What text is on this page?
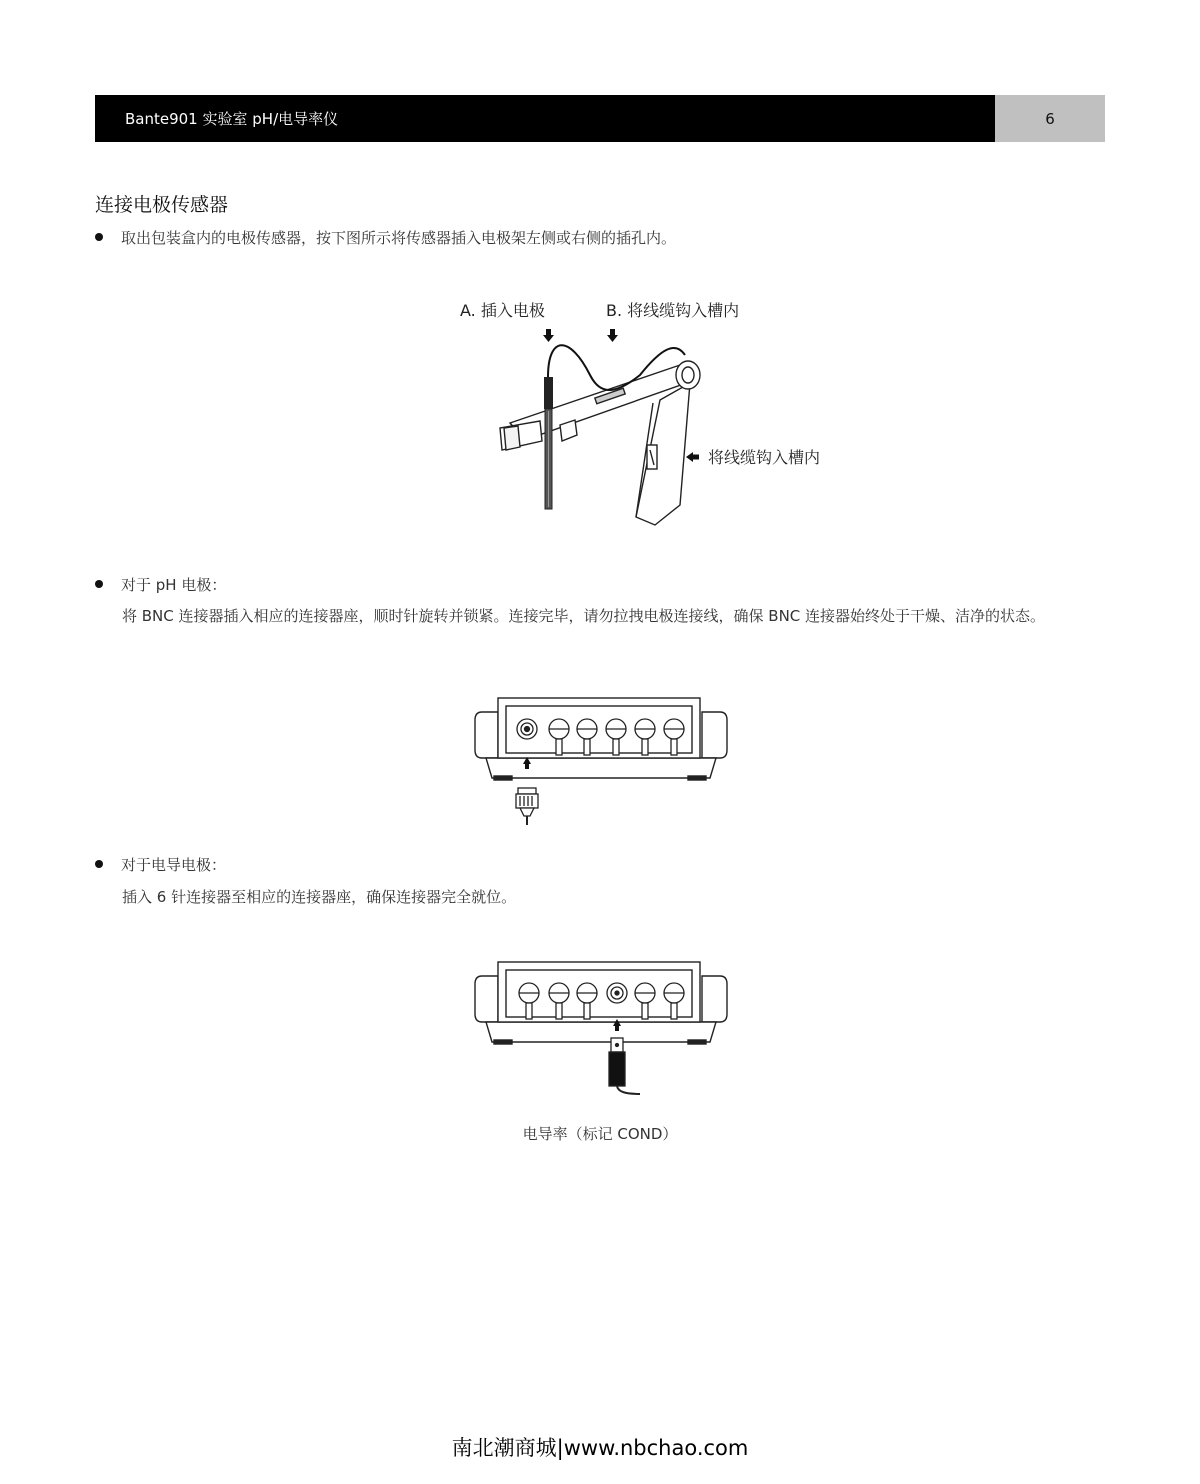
Bante901 实验室 pH/电导率仪	6
连接电极传感器
取出包装盒内的电极传感器，按下图所示将传感器插入电极架左侧或右侧的插孔内。
A. 插入电极	B. 将线缆钩入槽内
将线缆钩入槽内
对于 pH 电极：
将 BNC 连接器插入相应的连接器座，顺时针旋转并锁紧。连接完毕，请勿拉拽电极连接线，确保 BNC 连接器始终处于干燥、洁净的状态。
对于电导电极：
插入 6 针连接器至相应的连接器座，确保连接器完全就位。
电导率（标记 COND）
南北潮商城|www.nbchao.com
